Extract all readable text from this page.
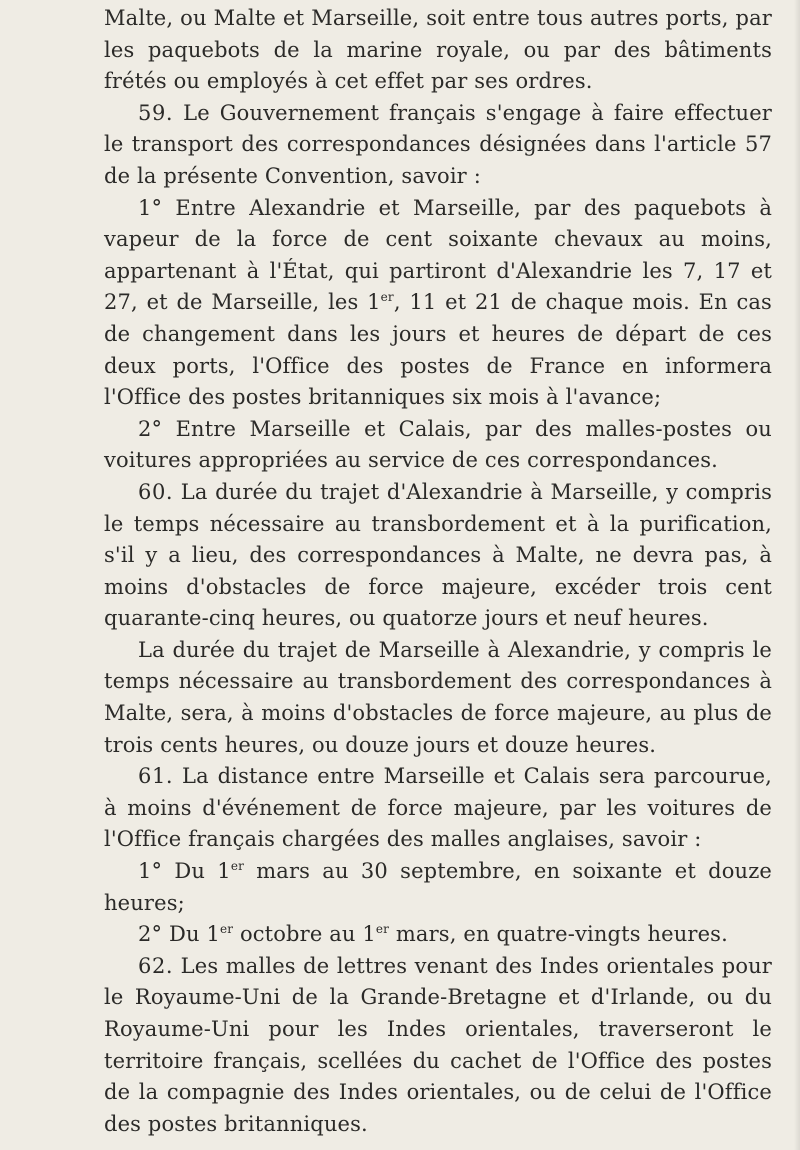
Malte, ou Malte et Marseille, soit entre tous autres ports, par les paquebots de la marine royale, ou par des bâtiments frétés ou employés à cet effet par ses ordres.

59. Le Gouvernement français s'engage à faire effectuer le transport des correspondances désignées dans l'article 57 de la présente Convention, savoir :

1° Entre Alexandrie et Marseille, par des paquebots à vapeur de la force de cent soixante chevaux au moins, appartenant à l'État, qui partiront d'Alexandrie les 7, 17 et 27, et de Marseille, les 1er, 11 et 21 de chaque mois. En cas de changement dans les jours et heures de départ de ces deux ports, l'Office des postes de France en informera l'Office des postes britanniques six mois à l'avance;

2° Entre Marseille et Calais, par des malles-postes ou voitures appropriées au service de ces correspondances.

60. La durée du trajet d'Alexandrie à Marseille, y compris le temps nécessaire au transbordement et à la purification, s'il y a lieu, des correspondances à Malte, ne devra pas, à moins d'obstacles de force majeure, excéder trois cent quarante-cinq heures, ou quatorze jours et neuf heures.

La durée du trajet de Marseille à Alexandrie, y compris le temps nécessaire au transbordement des correspondances à Malte, sera, à moins d'obstacles de force majeure, au plus de trois cents heures, ou douze jours et douze heures.

61. La distance entre Marseille et Calais sera parcourue, à moins d'événement de force majeure, par les voitures de l'Office français chargées des malles anglaises, savoir :

1° Du 1er mars au 30 septembre, en soixante et douze heures;

2° Du 1er octobre au 1er mars, en quatre-vingts heures.

62. Les malles de lettres venant des Indes orientales pour le Royaume-Uni de la Grande-Bretagne et d'Irlande, ou du Royaume-Uni pour les Indes orientales, traverseront le territoire français, scellées du cachet de l'Office des postes de la compagnie des Indes orientales, ou de celui de l'Office des postes britanniques.
